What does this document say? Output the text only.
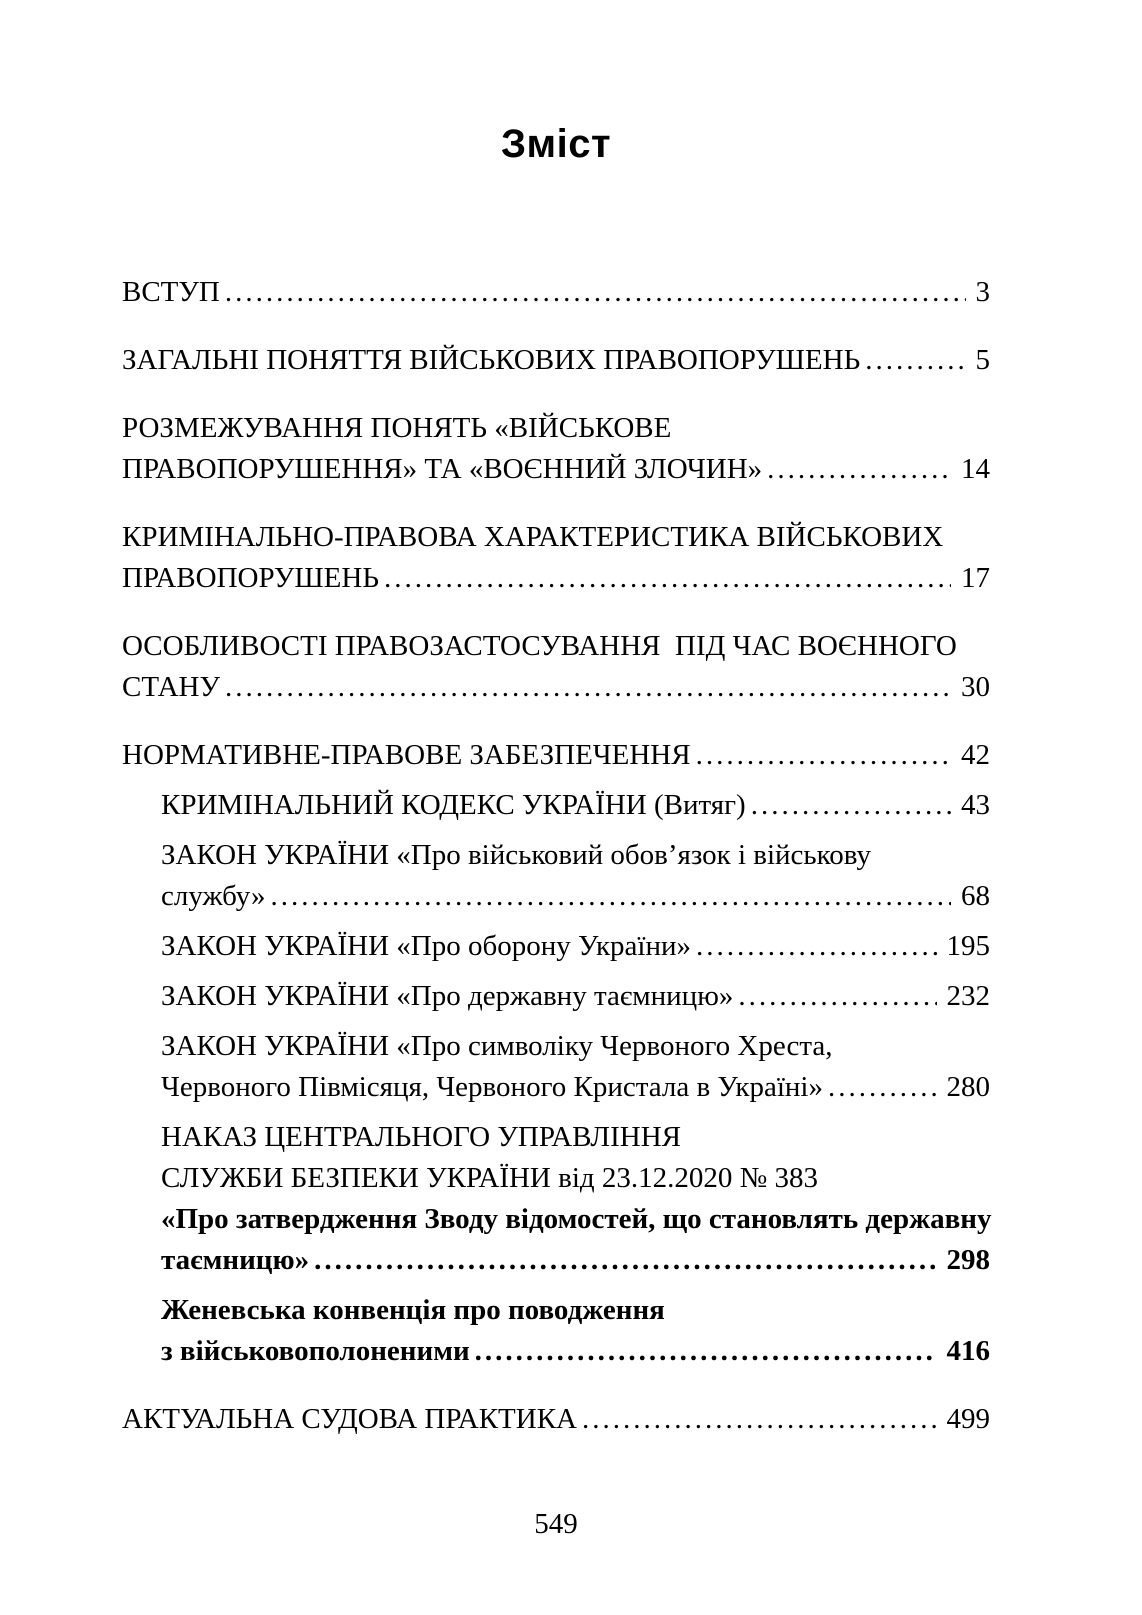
Зміст
ВСТУП .....	3
ЗАГАЛЬНІ ПОНЯТТЯ ВІЙСЬКОВИХ ПРАВОПОРУШЕНЬ .....	5
РОЗМЕЖУВАННЯ ПОНЯТЬ «ВІЙСЬКОВЕ
ПРАВОПОРУШЕННЯ» ТА «ВОЄННИЙ ЗЛОЧИН» .....	14
КРИМІНАЛЬНО-ПРАВОВА ХАРАКТЕРИСТИКА ВІЙСЬКОВИХ
ПРАВОПОРУШЕНЬ .....	17
ОСОБЛИВОСТІ ПРАВОЗАСТОСУВАННЯ  ПІД ЧАС ВОЄННОГО
СТАНУ .....	30
НОРМАТИВНЕ-ПРАВОВЕ ЗАБЕЗПЕЧЕННЯ .....	42
КРИМІНАЛЬНИЙ КОДЕКС УКРАЇНИ (Витяг) .....	43
ЗАКОН УКРАЇНИ «Про військовий обов’язок і військову
службу» .....	68
ЗАКОН УКРАЇНИ «Про оборону України» .....	195
ЗАКОН УКРАЇНИ «Про державну таємницю» .....	232
ЗАКОН УКРАЇНИ «Про символіку Червоного Хреста,
Червоного Півмісяця, Червоного Кристала в Україні» .....	280
НАКАЗ ЦЕНТРАЛЬНОГО УПРАВЛІННЯ
СЛУЖБИ БЕЗПЕКИ УКРАЇНИ від 23.12.2020 № 383
«Про затвердження Зводу відомостей, що становлять державну
таємницю» .....	298
Женевська конвенція про поводження
з військовополоненими .....	416
АКТУАЛЬНА СУДОВА ПРАКТИКА .....	499
549
